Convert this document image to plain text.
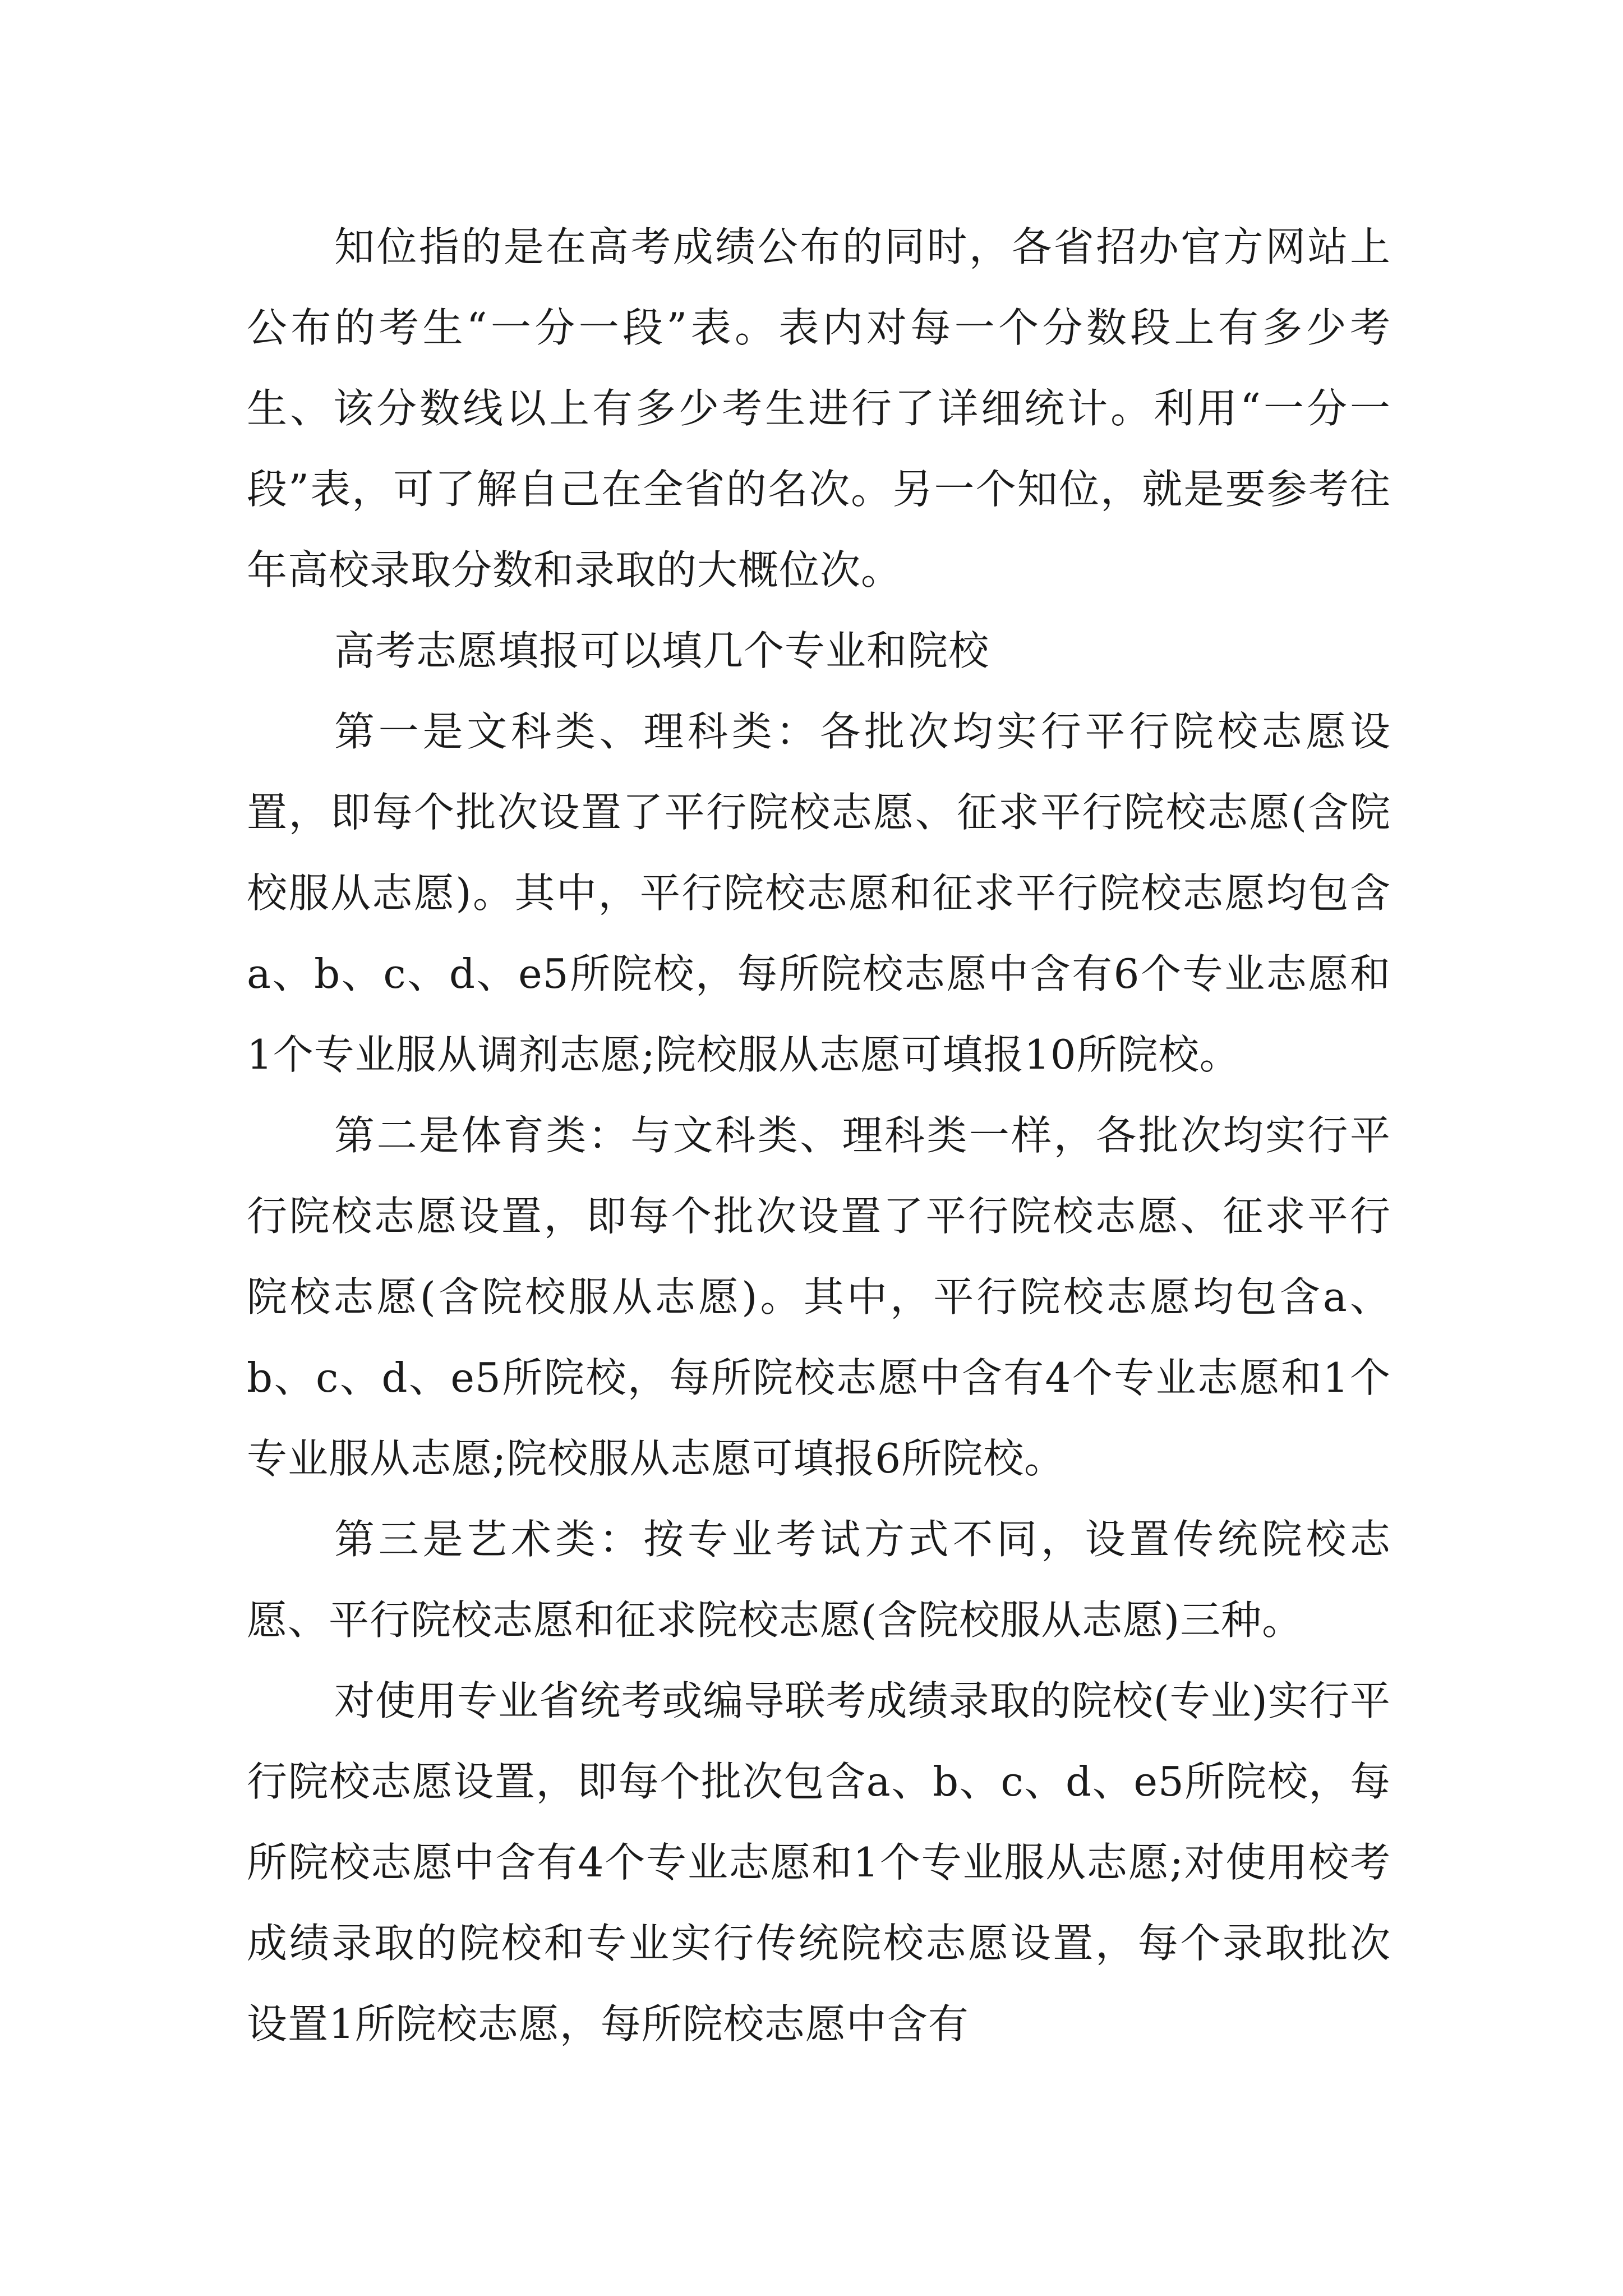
知位指的是在高考成绩公布的同时，各省招办官方网站上公布的考生“一分一段”表。表内对每一个分数段上有多少考生、该分数线以上有多少考生进行了详细统计。利用“一分一段”表，可了解自己在全省的名次。另一个知位，就是要参考往年高校录取分数和录取的大概位次。

高考志愿填报可以填几个专业和院校

第一是文科类、理科类：各批次均实行平行院校志愿设置，即每个批次设置了平行院校志愿、征求平行院校志愿(含院校服从志愿)。其中，平行院校志愿和征求平行院校志愿均包含a、b、c、d、e5所院校，每所院校志愿中含有6个专业志愿和1个专业服从调剂志愿;院校服从志愿可填报10所院校。

第二是体育类：与文科类、理科类一样，各批次均实行平行院校志愿设置，即每个批次设置了平行院校志愿、征求平行院校志愿(含院校服从志愿)。其中，平行院校志愿均包含a、b、c、d、e5所院校，每所院校志愿中含有4个专业志愿和1个专业服从志愿;院校服从志愿可填报6所院校。

第三是艺术类：按专业考试方式不同，设置传统院校志愿、平行院校志愿和征求院校志愿(含院校服从志愿)三种。

对使用专业省统考或编导联考成绩录取的院校(专业)实行平行院校志愿设置，即每个批次包含a、b、c、d、e5所院校，每所院校志愿中含有4个专业志愿和1个专业服从志愿;对使用校考成绩录取的院校和专业实行传统院校志愿设置，每个录取批次设置1所院校志愿，每所院校志愿中含有
